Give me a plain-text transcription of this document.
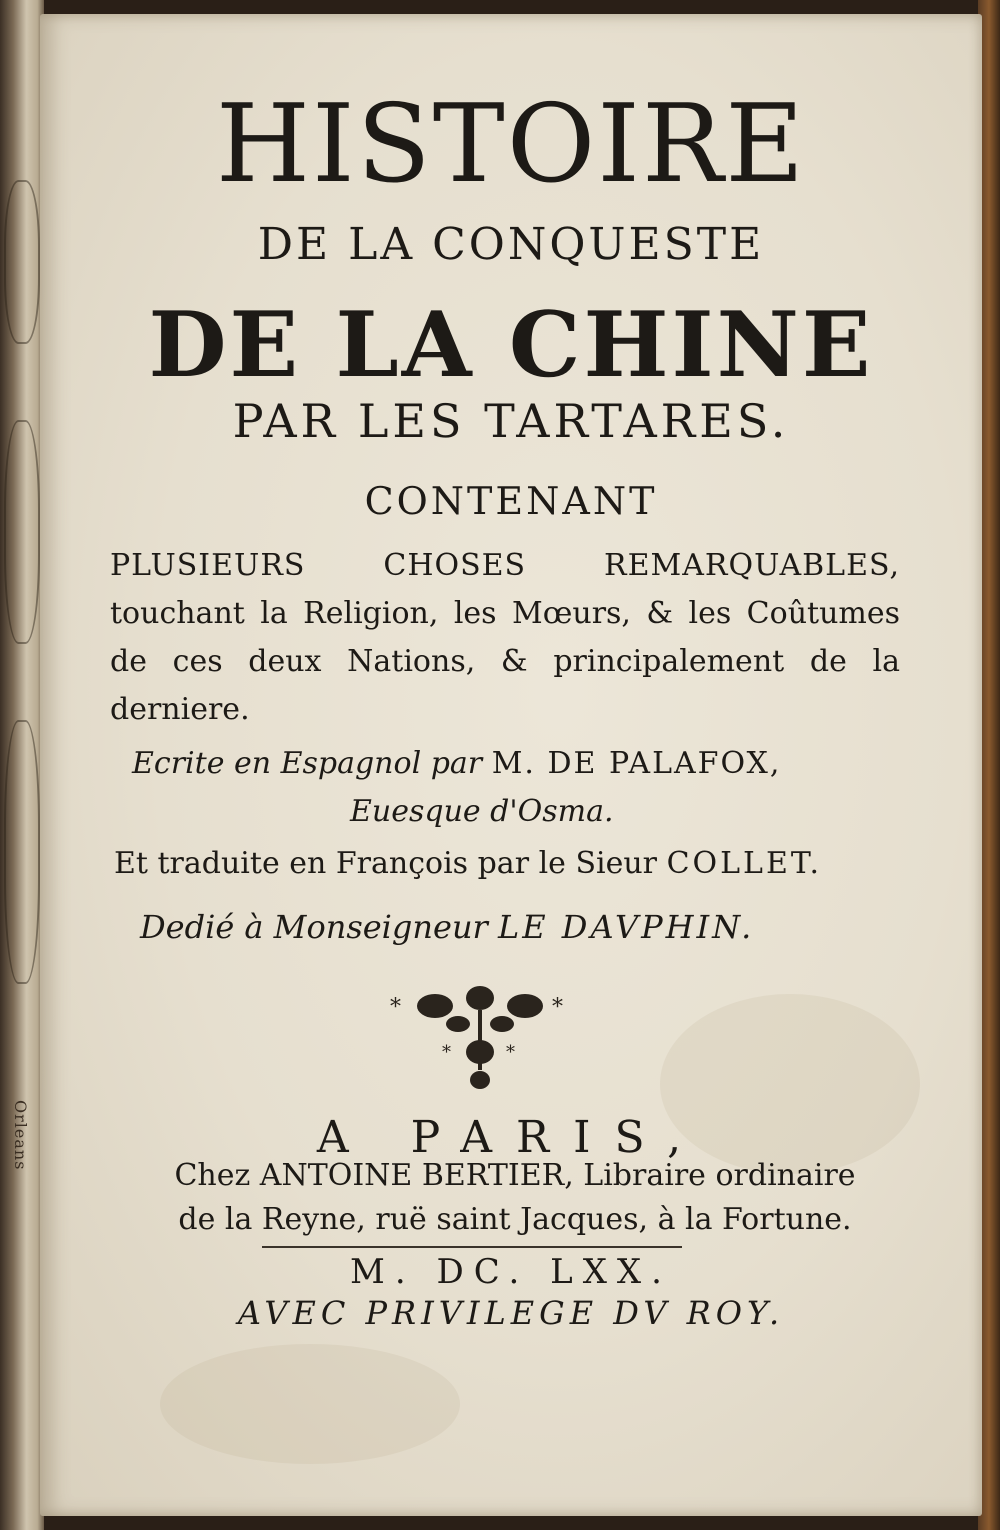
Orleans
HISTOIRE
DE LA CONQUESTE
DE LA CHINE
PAR LES TARTARES.
CONTENANT
PLUSIEURS CHOSES REMARQUABLES, touchant la Religion, les Mœurs, & les Coûtumes de ces deux Nations, & principalement de la derniere.
Ecrite en Espagnol par M. DE PALAFOX,
Euesque d'Osma.
Et traduite en François par le Sieur COLLET.
Dedié à Monseigneur LE DAVPHIN.
*	*
*	*
A PARIS,
Chez ANTOINE BERTIER, Libraire ordinaire
de la Reyne, ruë saint Jacques, à la Fortune.
M. DC. LXX.
AVEC PRIVILEGE DV ROY.
